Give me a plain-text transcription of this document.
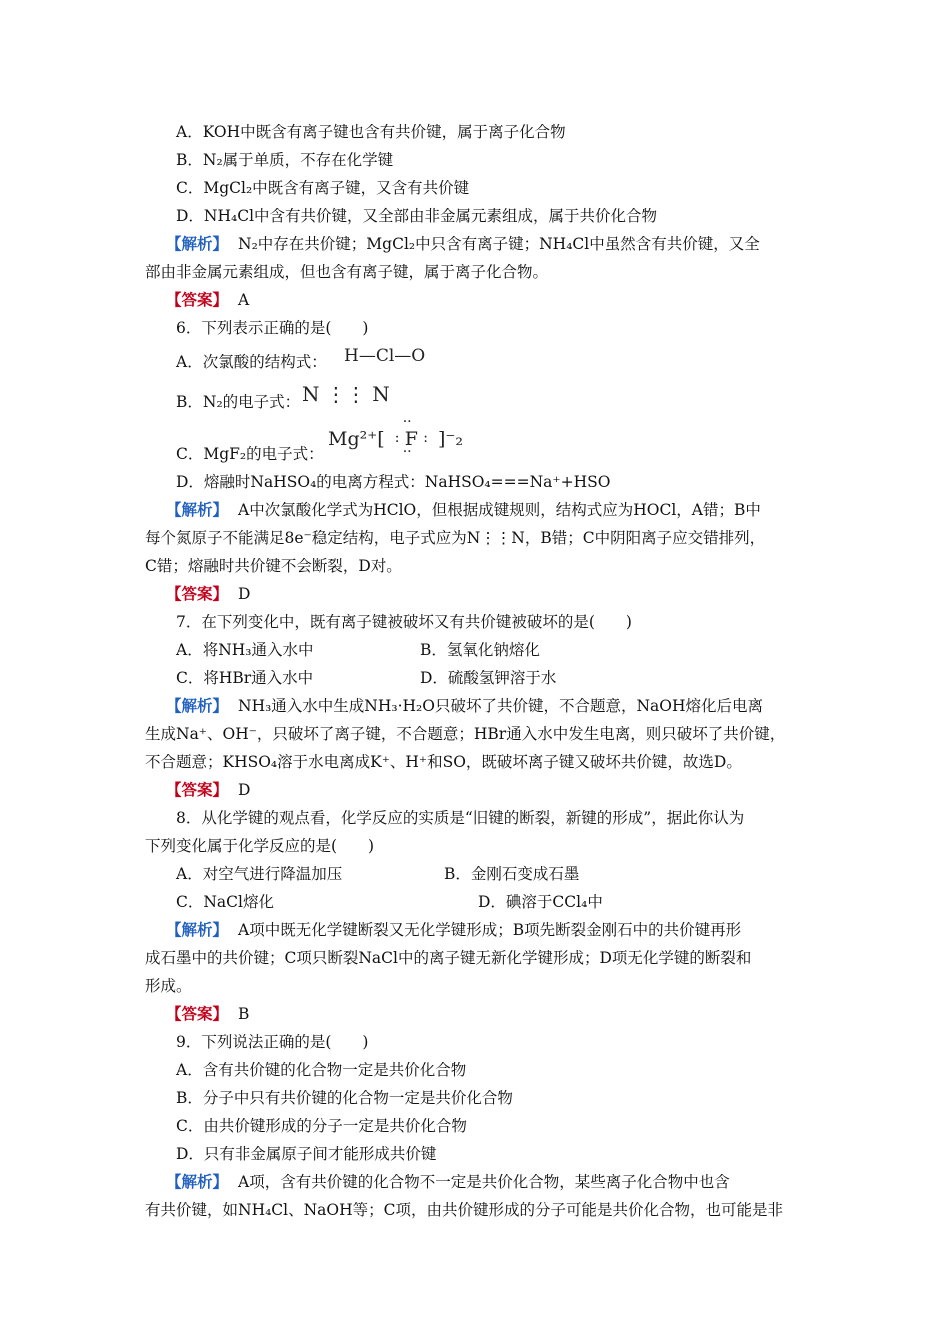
A．KOH中既含有离子键也含有共价键，属于离子化合物
B．N₂属于单质，不存在化学键
C．MgCl₂中既含有离子键，又含有共价键
D．NH₄Cl中含有共价键，又全部由非金属元素组成，属于共价化合物
【解析】 N₂中存在共价键；MgCl₂中只含有离子键；NH₄Cl中虽然含有共价键，又全
部由非金属元素组成，但也含有离子键，属于离子化合物。
【答案】 A
6．下列表示正确的是(　　)
A．次氯酸的结构式： H—Cl—O
B．N₂的电子式： N ⋮⋮ N
C．MgF₂的电子式：
Mg²⁺[ : F :
··
··
]⁻₂
D．熔融时NaHSO₄的电离方程式：NaHSO₄===Na⁺+HSO
【解析】 A中次氯酸化学式为HClO，但根据成键规则，结构式应为HOCl，A错；B中
每个氮原子不能满足8e⁻稳定结构，电子式应为N⋮⋮N，B错；C中阴阳离子应交错排列，
C错；熔融时共价键不会断裂，D对。
【答案】 D
7．在下列变化中，既有离子键被破坏又有共价键被破坏的是(　　)
A．将NH₃通入水中	B．氢氧化钠熔化
C．将HBr通入水中	D．硫酸氢钾溶于水
【解析】 NH₃通入水中生成NH₃·H₂O只破坏了共价键，不合题意，NaOH熔化后电离
生成Na⁺、OH⁻，只破坏了离子键，不合题意；HBr通入水中发生电离，则只破坏了共价键，
不合题意；KHSO₄溶于水电离成K⁺、H⁺和SO，既破坏离子键又破坏共价键，故选D。
【答案】 D
8．从化学键的观点看，化学反应的实质是“旧键的断裂，新键的形成”，据此你认为
下列变化属于化学反应的是(　　)
A．对空气进行降温加压	B．金刚石变成石墨
C．NaCl熔化	D．碘溶于CCl₄中
【解析】 A项中既无化学键断裂又无化学键形成；B项先断裂金刚石中的共价键再形
成石墨中的共价键；C项只断裂NaCl中的离子键无新化学键形成；D项无化学键的断裂和
形成。
【答案】 B
9．下列说法正确的是(　　)
A．含有共价键的化合物一定是共价化合物
B．分子中只有共价键的化合物一定是共价化合物
C．由共价键形成的分子一定是共价化合物
D．只有非金属原子间才能形成共价键
【解析】 A项，含有共价键的化合物不一定是共价化合物，某些离子化合物中也含
有共价键，如NH₄Cl、NaOH等；C项，由共价键形成的分子可能是共价化合物，也可能是非
